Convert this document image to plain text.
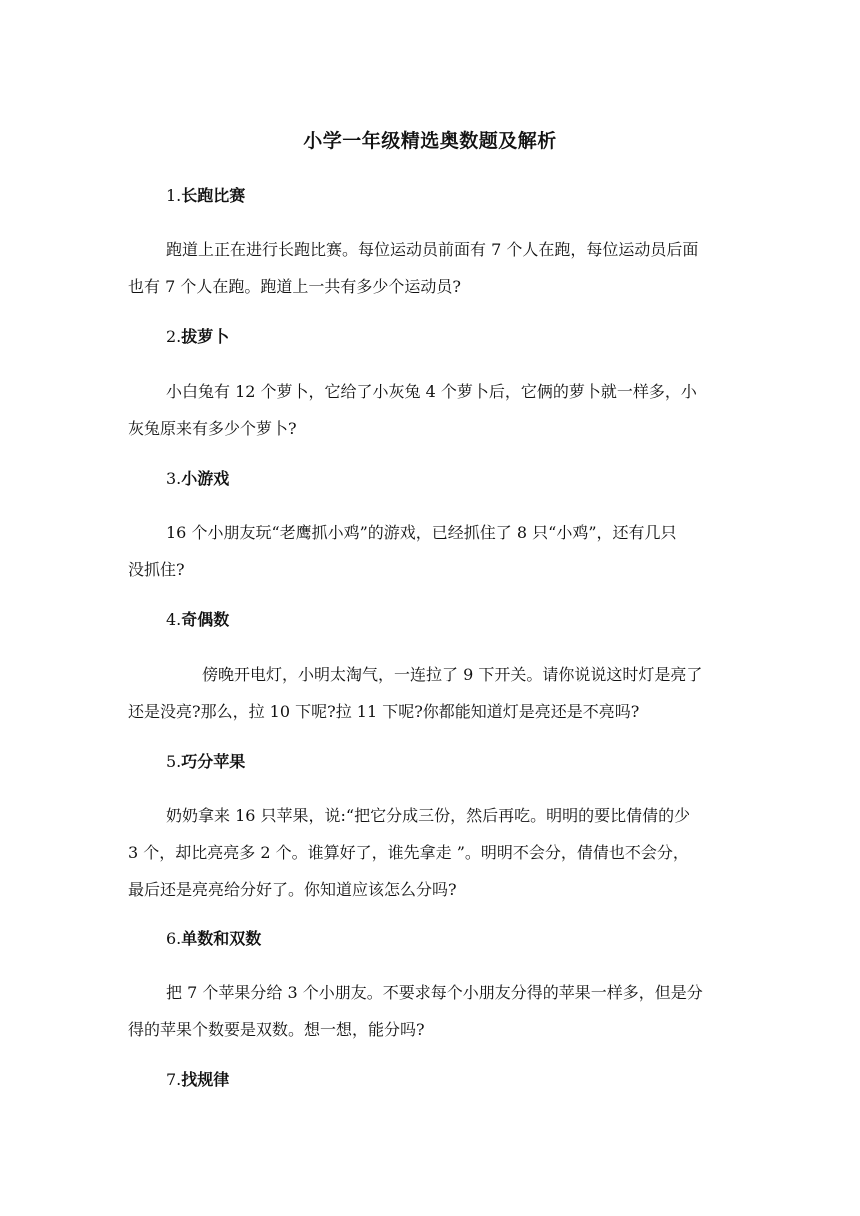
小学一年级精选奥数题及解析
1.长跑比赛
跑道上正在进行长跑比赛。每位运动员前面有 7 个人在跑，每位运动员后面
也有 7 个人在跑。跑道上一共有多少个运动员?
2.拔萝卜
小白兔有 12 个萝卜，它给了小灰兔 4 个萝卜后，它俩的萝卜就一样多，小
灰兔原来有多少个萝卜?
3.小游戏
16 个小朋友玩“老鹰抓小鸡”的游戏，已经抓住了 8 只“小鸡”，还有几只
没抓住?
4.奇偶数
傍晚开电灯，小明太淘气，一连拉了 9 下开关。请你说说这时灯是亮了
还是没亮?那么，拉 10 下呢?拉 11 下呢?你都能知道灯是亮还是不亮吗?
5.巧分苹果
奶奶拿来 16 只苹果，说:“把它分成三份，然后再吃。明明的要比倩倩的少
3 个，却比亮亮多 2 个。谁算好了，谁先拿走 ”。明明不会分，倩倩也不会分，
最后还是亮亮给分好了。你知道应该怎么分吗?
6.单数和双数
把 7 个苹果分给 3 个小朋友。不要求每个小朋友分得的苹果一样多，但是分
得的苹果个数要是双数。想一想，能分吗?
7.找规律
